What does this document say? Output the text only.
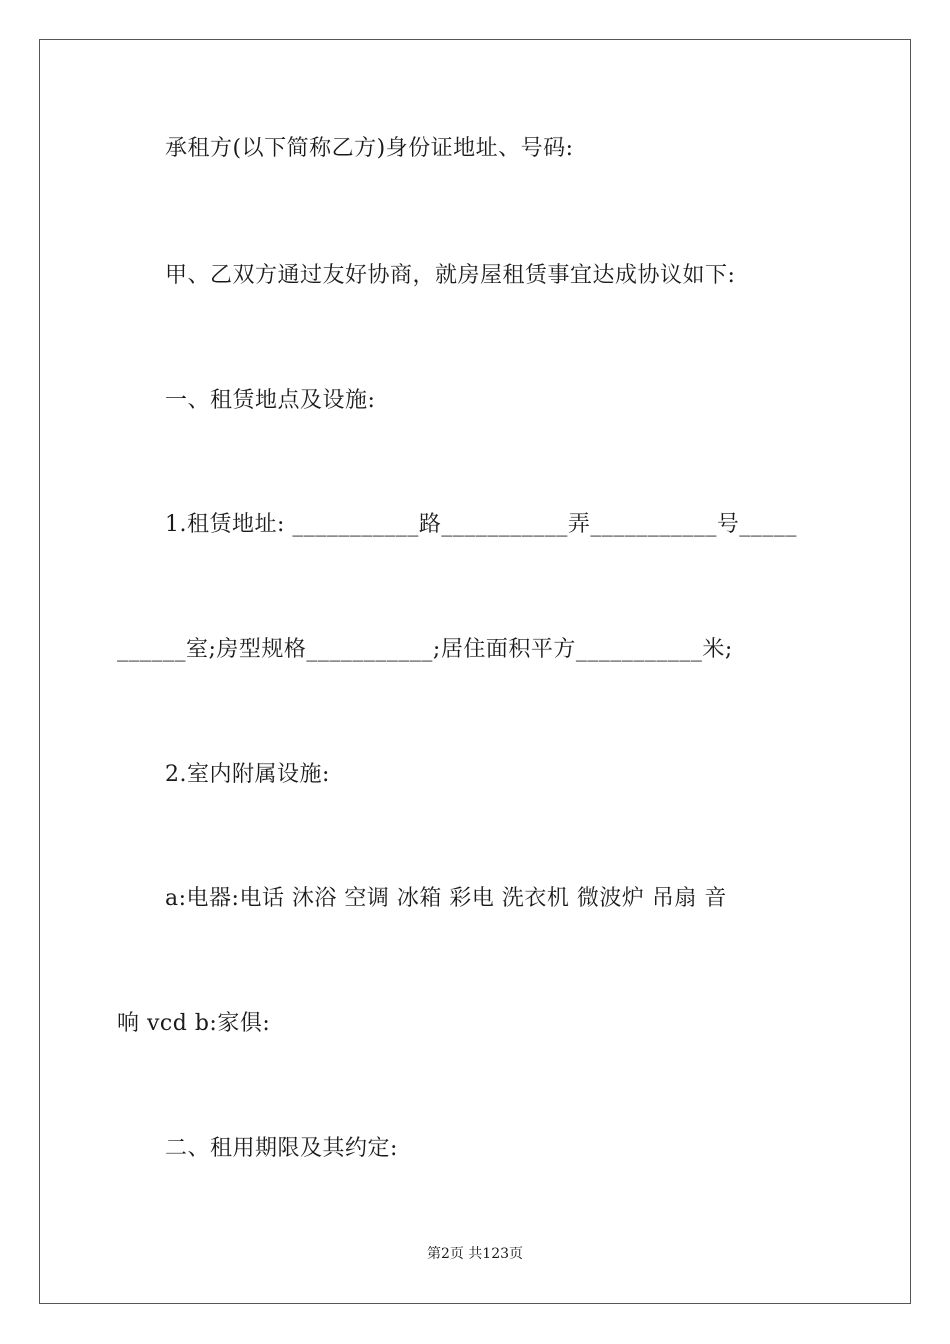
承租方(以下简称乙方)身份证地址、号码:
甲、乙双方通过友好协商，就房屋租赁事宜达成协议如下:
一、租赁地点及设施:
1.租赁地址: ___________路___________弄___________号_____
______室;房型规格___________;居住面积平方___________米;
2.室内附属设施:
a:电器:电话 沐浴 空调 冰箱 彩电 洗衣机 微波炉 吊扇 音
响 vcd b:家俱:
二、租用期限及其约定:
第2页 共123页
